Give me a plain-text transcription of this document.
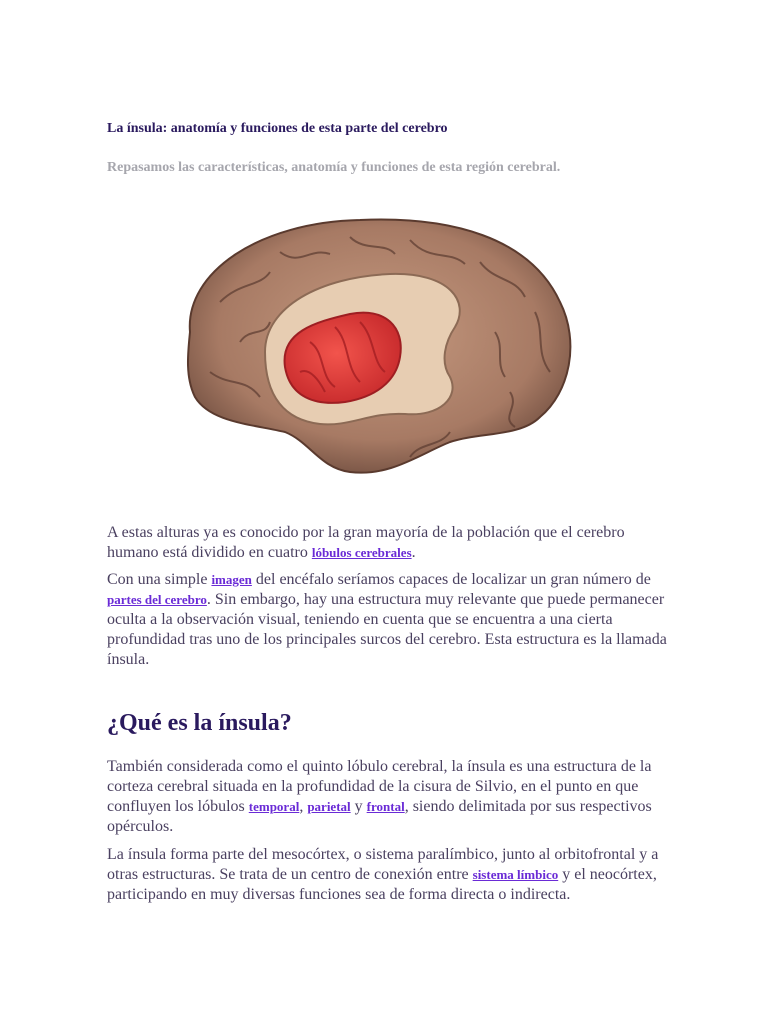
La ínsula: anatomía y funciones de esta parte del cerebro

Repasamos las características, anatomía y funciones de esta región cerebral.

A estas alturas ya es conocido por la gran mayoría de la población que el cerebro humano está dividido en cuatro lóbulos cerebrales.

Con una simple imagen del encéfalo seríamos capaces de localizar un gran número de partes del cerebro. Sin embargo, hay una estructura muy relevante que puede permanecer oculta a la observación visual, teniendo en cuenta que se encuentra a una cierta profundidad tras uno de los principales surcos del cerebro. Esta estructura es la llamada ínsula.

¿Qué es la ínsula?

También considerada como el quinto lóbulo cerebral, la ínsula es una estructura de la corteza cerebral situada en la profundidad de la cisura de Silvio, en el punto en que confluyen los lóbulos temporal, parietal y frontal, siendo delimitada por sus respectivos opérculos.

La ínsula forma parte del mesocórtex, o sistema paralímbico, junto al orbitofrontal y a otras estructuras. Se trata de un centro de conexión entre sistema límbico y el neocórtex, participando en muy diversas funciones sea de forma directa o indirecta.
